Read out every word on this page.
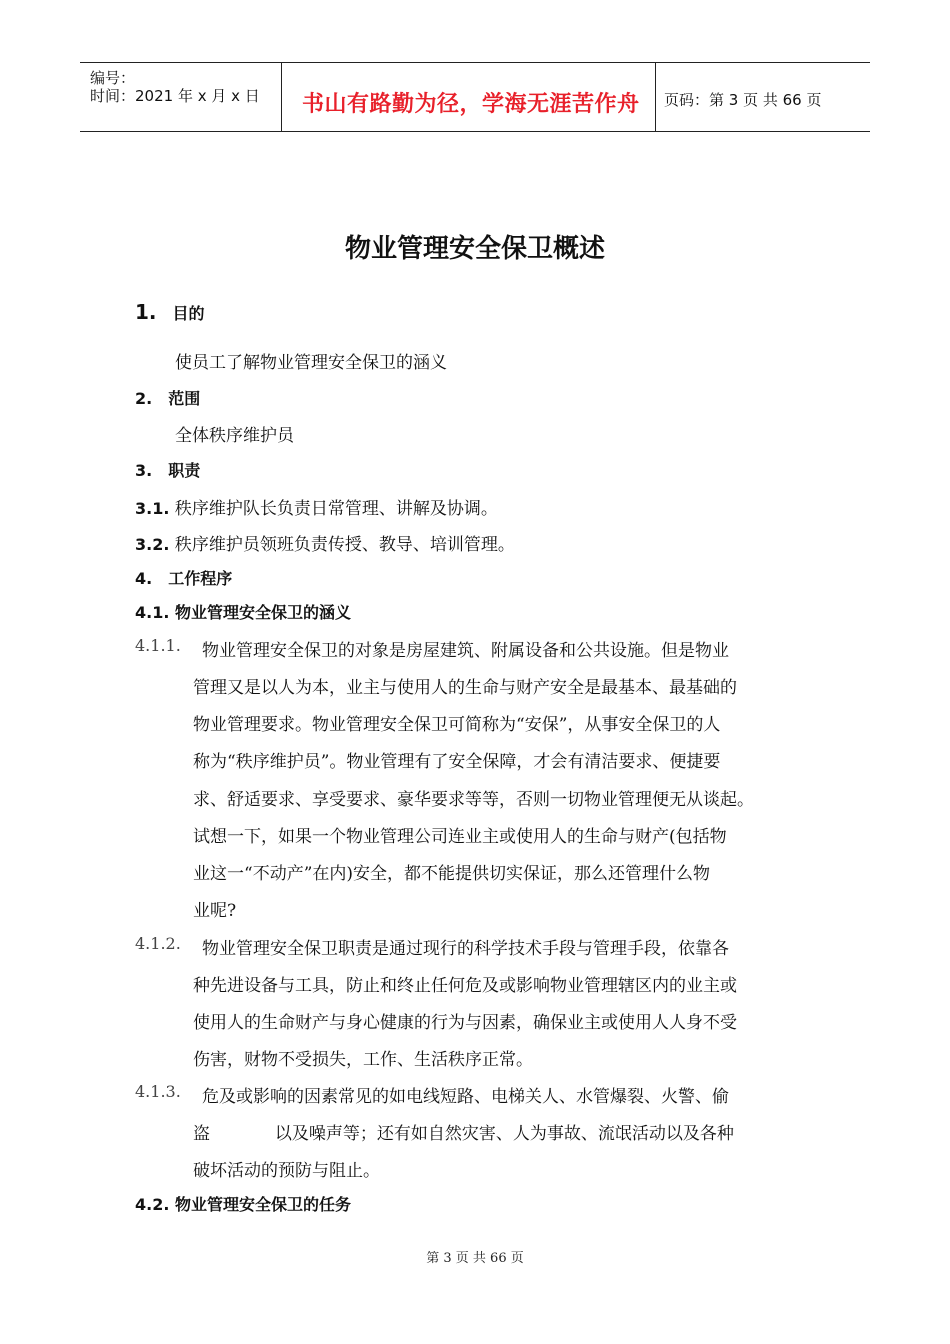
编号：
时间：2021 年 x 月 x 日 书山有路勤为径，学海无涯苦作舟 页码：第 3 页 共 66 页
物业管理安全保卫概述
1. 目的
使员工了解物业管理安全保卫的涵义
2. 范围
全体秩序维护员
3. 职责
3.1. 秩序维护队长负责日常管理、讲解及协调。
3.2. 秩序维护员领班负责传授、教导、培训管理。
4. 工作程序
4.1. 物业管理安全保卫的涵义
4.1.1. 物业管理安全保卫的对象是房屋建筑、附属设备和公共设施。但是物业
管理又是以人为本，业主与使用人的生命与财产安全是最基本、最基础的
物业管理要求。物业管理安全保卫可简称为“安保”，从事安全保卫的人
称为“秩序维护员”。物业管理有了安全保障，才会有清洁要求、便捷要
求、舒适要求、享受要求、豪华要求等等，否则一切物业管理便无从谈起。
试想一下，如果一个物业管理公司连业主或使用人的生命与财产(包括物
业这一“不动产”在内)安全，都不能提供切实保证，那么还管理什么物
业呢?
4.1.2. 物业管理安全保卫职责是通过现行的科学技术手段与管理手段，依靠各
种先进设备与工具，防止和终止任何危及或影响物业管理辖区内的业主或
使用人的生命财产与身心健康的行为与因素，确保业主或使用人人身不受
伤害，财物不受损失，工作、生活秩序正常。
4.1.3. 危及或影响的因素常见的如电线短路、电梯关人、水管爆裂、火警、偷
盗            以及噪声等；还有如自然灾害、人为事故、流氓活动以及各种
破坏活动的预防与阻止。
4.2. 物业管理安全保卫的任务
第 3 页 共 66 页
